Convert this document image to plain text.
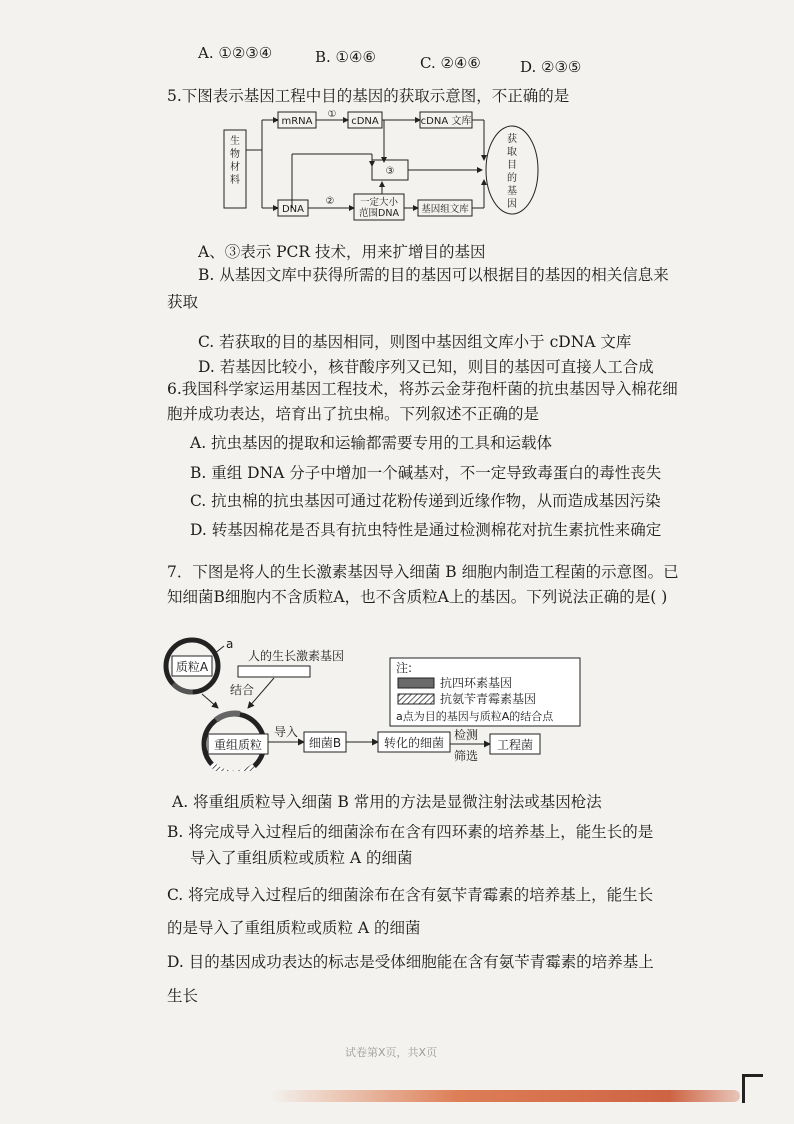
A. ①②③④	B. ①④⑥	C. ②④⑥	D. ②③⑤
5.下图表示基因工程中目的基因的获取示意图，不正确的是
生
物
材
料
mRNA
①
cDNA	cDNA 文库
③
DNA
②	一定大小
范围DNA 基因组文库
获
取
目
的
基
因
A、③表示 PCR 技术，用来扩增目的基因
B. 从基因文库中获得所需的目的基因可以根据目的基因的相关信息来
获取
C. 若获取的目的基因相同，则图中基因组文库小于 cDNA 文库
D. 若基因比较小，核苷酸序列又已知，则目的基因可直接人工合成
6.我国科学家运用基因工程技术，将苏云金芽孢杆菌的抗虫基因导入棉花细
胞并成功表达，培育出了抗虫棉。下列叙述不正确的是
A. 抗虫基因的提取和运输都需要专用的工具和运载体
B. 重组 DNA 分子中增加一个碱基对，不一定导致毒蛋白的毒性丧失
C. 抗虫棉的抗虫基因可通过花粉传递到近缘作物，从而造成基因污染
D. 转基因棉花是否具有抗虫特性是通过检测棉花对抗生素抗性来确定
7．下图是将人的生长激素基因导入细菌 B 细胞内制造工程菌的示意图。已
知细菌B细胞内不含质粒A，也不含质粒A上的基因。下列说法正确的是( )
质粒A
a
人的生长激素基因
结合
重组质粒
导入
细菌B	转化的细菌
检测
筛选
工程菌
注:
抗四环素基因
抗氨苄青霉素基因
a点为目的基因与质粒A的结合点
A. 将重组质粒导入细菌 B 常用的方法是显微注射法或基因枪法
B. 将完成导入过程后的细菌涂布在含有四环素的培养基上，能生长的是
导入了重组质粒或质粒 A 的细菌
C. 将完成导入过程后的细菌涂布在含有氨苄青霉素的培养基上，能生长
的是导入了重组质粒或质粒 A 的细菌
D. 目的基因成功表达的标志是受体细胞能在含有氨苄青霉素的培养基上
生长
试卷第X页，共X页
